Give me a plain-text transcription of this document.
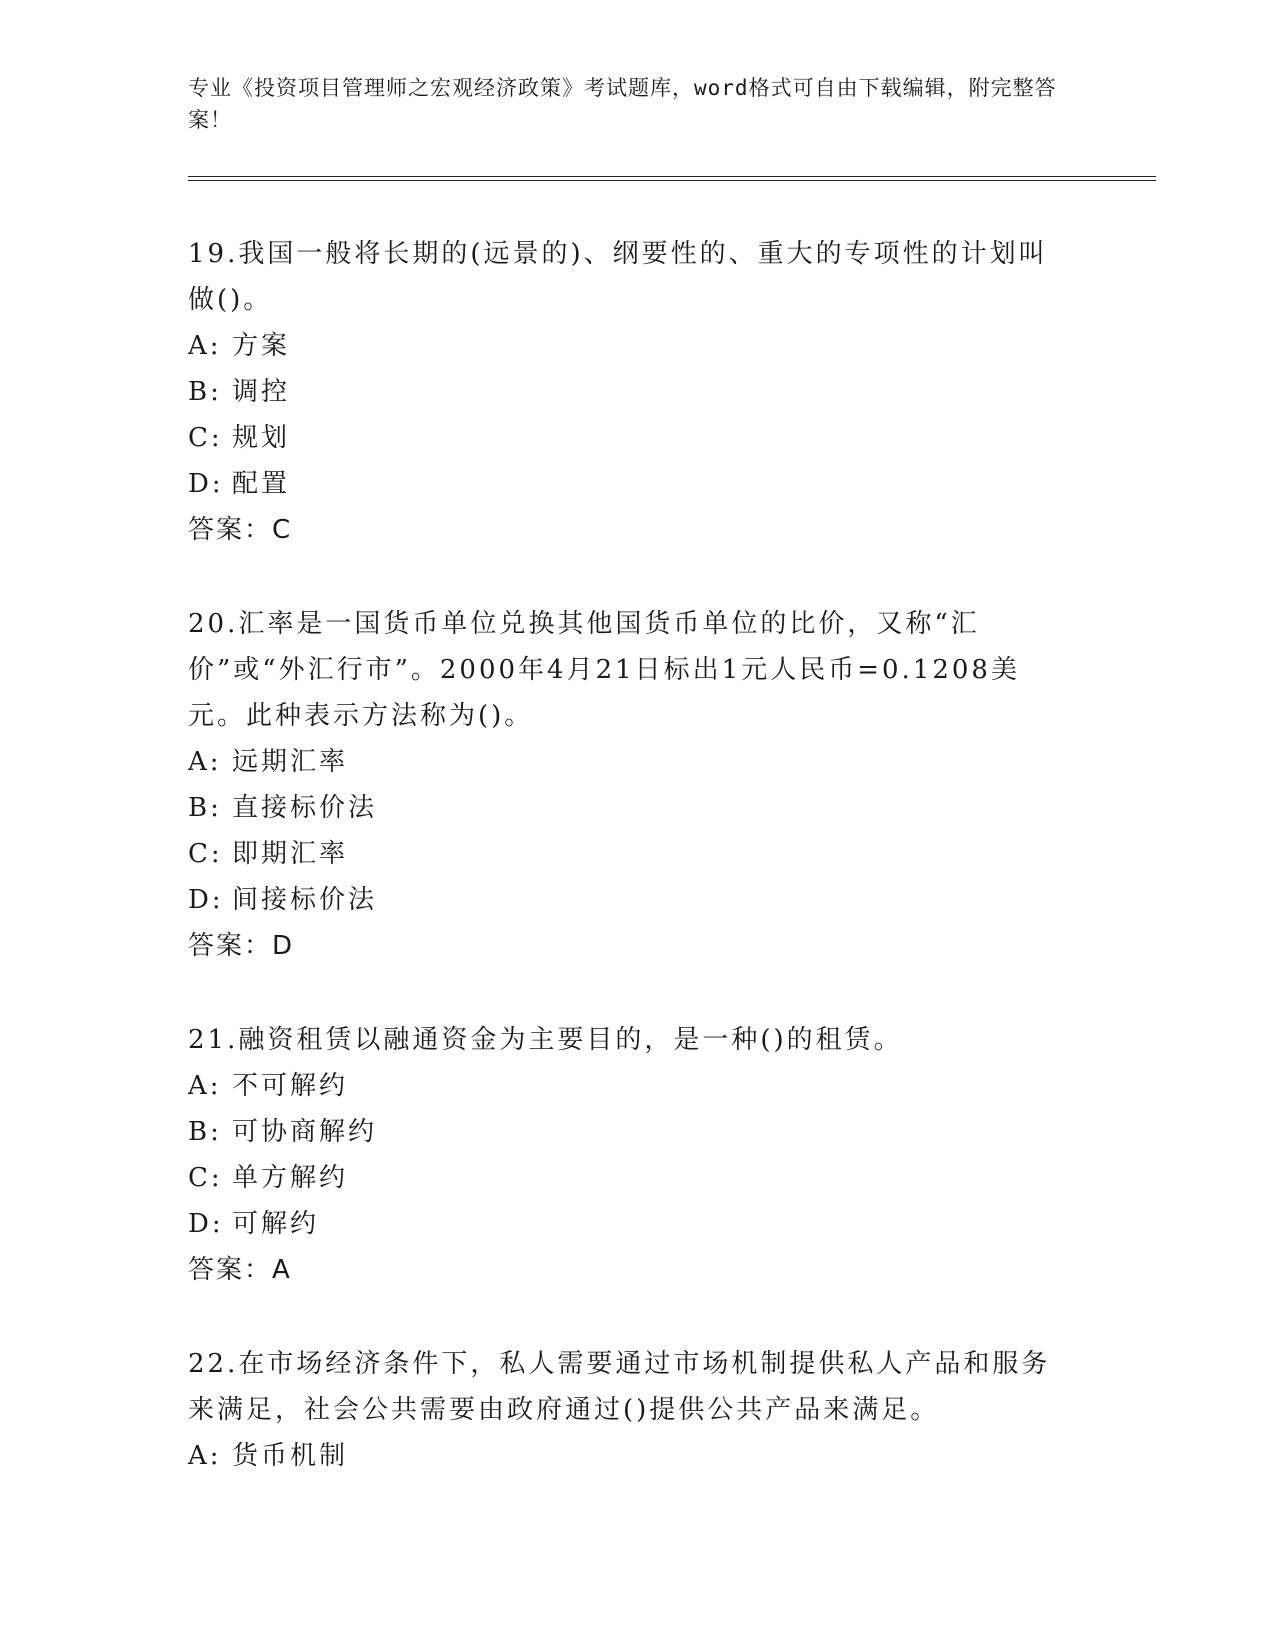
专业《投资项目管理师之宏观经济政策》考试题库，word格式可自由下载编辑，附完整答案！

19.我国一般将长期的(远景的)、纲要性的、重大的专项性的计划叫做()。

A: 方案
B: 调控
C: 规划
D: 配置

答案：C

20.汇率是一国货币单位兑换其他国货币单位的比价，又称“汇价”或“外汇行市”。2000年4月21日标出1元人民币=0.1208美元。此种表示方法称为()。

A: 远期汇率
B: 直接标价法
C: 即期汇率
D: 间接标价法

答案：D

21.融资租赁以融通资金为主要目的，是一种()的租赁。

A: 不可解约
B: 可协商解约
C: 单方解约
D: 可解约

答案：A

22.在市场经济条件下，私人需要通过市场机制提供私人产品和服务来满足，社会公共需要由政府通过()提供公共产品来满足。

A: 货币机制
